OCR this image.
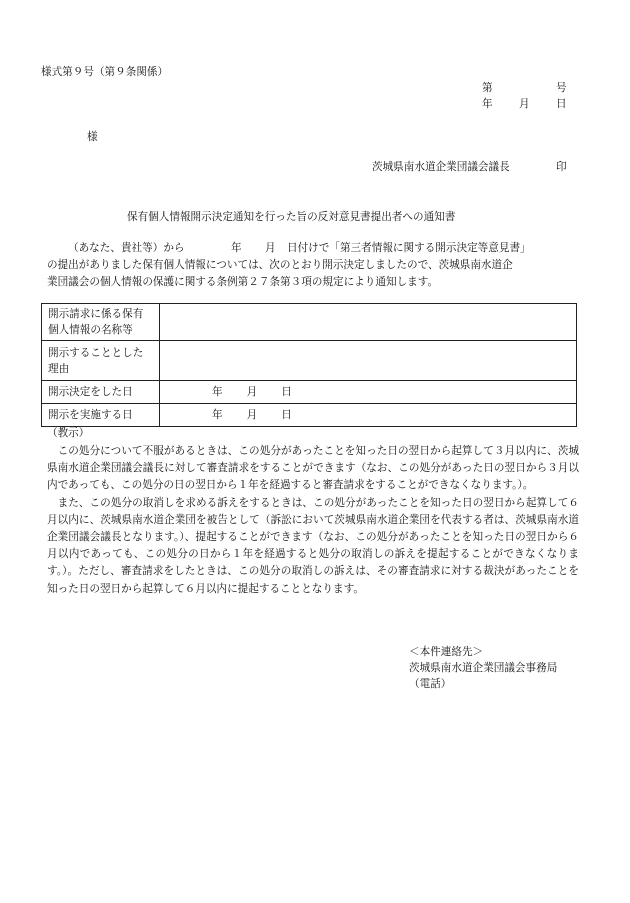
様式第９号（第９条関係）
第	号
年 月 日
様
茨城県南水道企業団議会議長	印
保有個人情報開示決定通知を行った旨の反対意見書提出者への通知書
（あなた、貴社等）から	年 月 日付けで「第三者情報に関する開示決定等意見書」
の提出がありました保有個人情報については、次のとおり開示決定しましたので、茨城県南水道企
業団議会の個人情報の保護に関する条例第２７条第３項の規定により通知します。
開示請求に係る保有個人情報の名称等	
開示することとした理由	
開示決定をした日	年 月 日

開示を実施する日	年 月 日
（教示）

この処分について不服があるときは、この処分があったことを知った日の翌日から起算して３月以内に、茨城県南水道企業団議会議長に対して審査請求をすることができます（なお、この処分があった日の翌日から３月以内であっても、この処分の日の翌日から１年を経過すると審査請求をすることができなくなります。）。

また、この処分の取消しを求める訴えをするときは、この処分があったことを知った日の翌日から起算して６月以内に、茨城県南水道企業団を被告として（訴訟において茨城県南水道企業団を代表する者は、茨城県南水道企業団議会議長となります。）、提起することができます（なお、この処分があったことを知った日の翌日から６月以内であっても、この処分の日から１年を経過すると処分の取消しの訴えを提起することができなくなります。）。ただし、審査請求をしたときは、この処分の取消しの訴えは、その審査請求に対する裁決があったことを知った日の翌日から起算して６月以内に提起することとなります。

＜本件連絡先＞
茨城県南水道企業団議会事務局
（電話）
